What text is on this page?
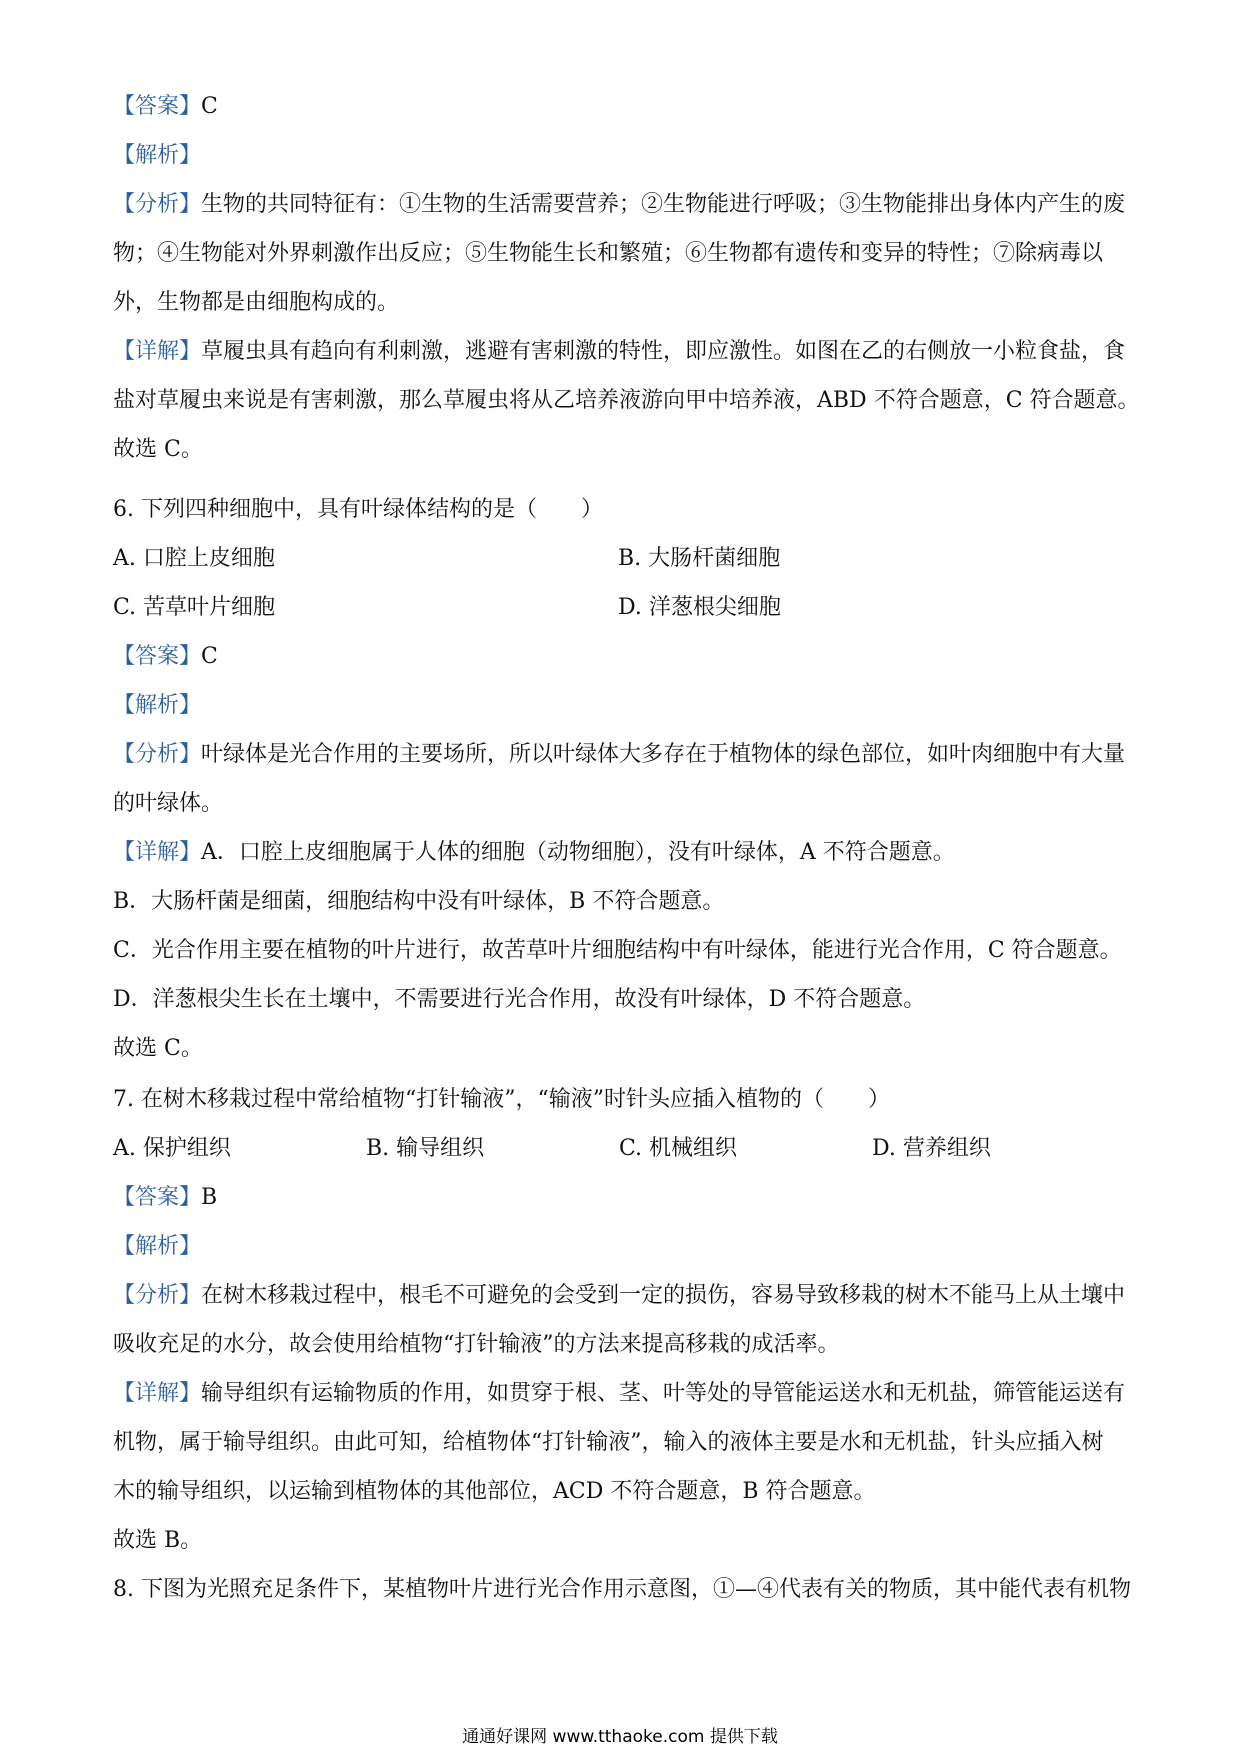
【答案】C
【解析】
【分析】生物的共同特征有：①生物的生活需要营养；②生物能进行呼吸；③生物能排出身体内产生的废
物；④生物能对外界刺激作出反应；⑤生物能生长和繁殖；⑥生物都有遗传和变异的特性；⑦除病毒以
外，生物都是由细胞构成的。
【详解】草履虫具有趋向有利刺激，逃避有害刺激的特性，即应激性。如图在乙的右侧放一小粒食盐，食
盐对草履虫来说是有害刺激，那么草履虫将从乙培养液游向甲中培养液，ABD 不符合题意，C 符合题意。
故选 C。
6. 下列四种细胞中，具有叶绿体结构的是（　　）
A. 口腔上皮细胞	B. 大肠杆菌细胞
C. 苦草叶片细胞	D. 洋葱根尖细胞
【答案】C
【解析】
【分析】叶绿体是光合作用的主要场所，所以叶绿体大多存在于植物体的绿色部位，如叶肉细胞中有大量
的叶绿体。
【详解】A．口腔上皮细胞属于人体的细胞（动物细胞），没有叶绿体，A 不符合题意。
B．大肠杆菌是细菌，细胞结构中没有叶绿体，B 不符合题意。
C．光合作用主要在植物的叶片进行，故苦草叶片细胞结构中有叶绿体，能进行光合作用，C 符合题意。
D．洋葱根尖生长在土壤中，不需要进行光合作用，故没有叶绿体，D 不符合题意。
故选 C。
7. 在树木移栽过程中常给植物“打针输液”，“输液”时针头应插入植物的（　　）
A. 保护组织	B. 输导组织	C. 机械组织	D. 营养组织
【答案】B
【解析】
【分析】在树木移栽过程中，根毛不可避免的会受到一定的损伤，容易导致移栽的树木不能马上从土壤中
吸收充足的水分，故会使用给植物“打针输液”的方法来提高移栽的成活率。
【详解】输导组织有运输物质的作用，如贯穿于根、茎、叶等处的导管能运送水和无机盐，筛管能运送有
机物，属于输导组织。由此可知，给植物体“打针输液”，输入的液体主要是水和无机盐，针头应插入树
木的输导组织，以运输到植物体的其他部位，ACD 不符合题意，B 符合题意。
故选 B。
8. 下图为光照充足条件下，某植物叶片进行光合作用示意图，①—④代表有关的物质，其中能代表有机物
通通好课网 www.tthaoke.com 提供下载
